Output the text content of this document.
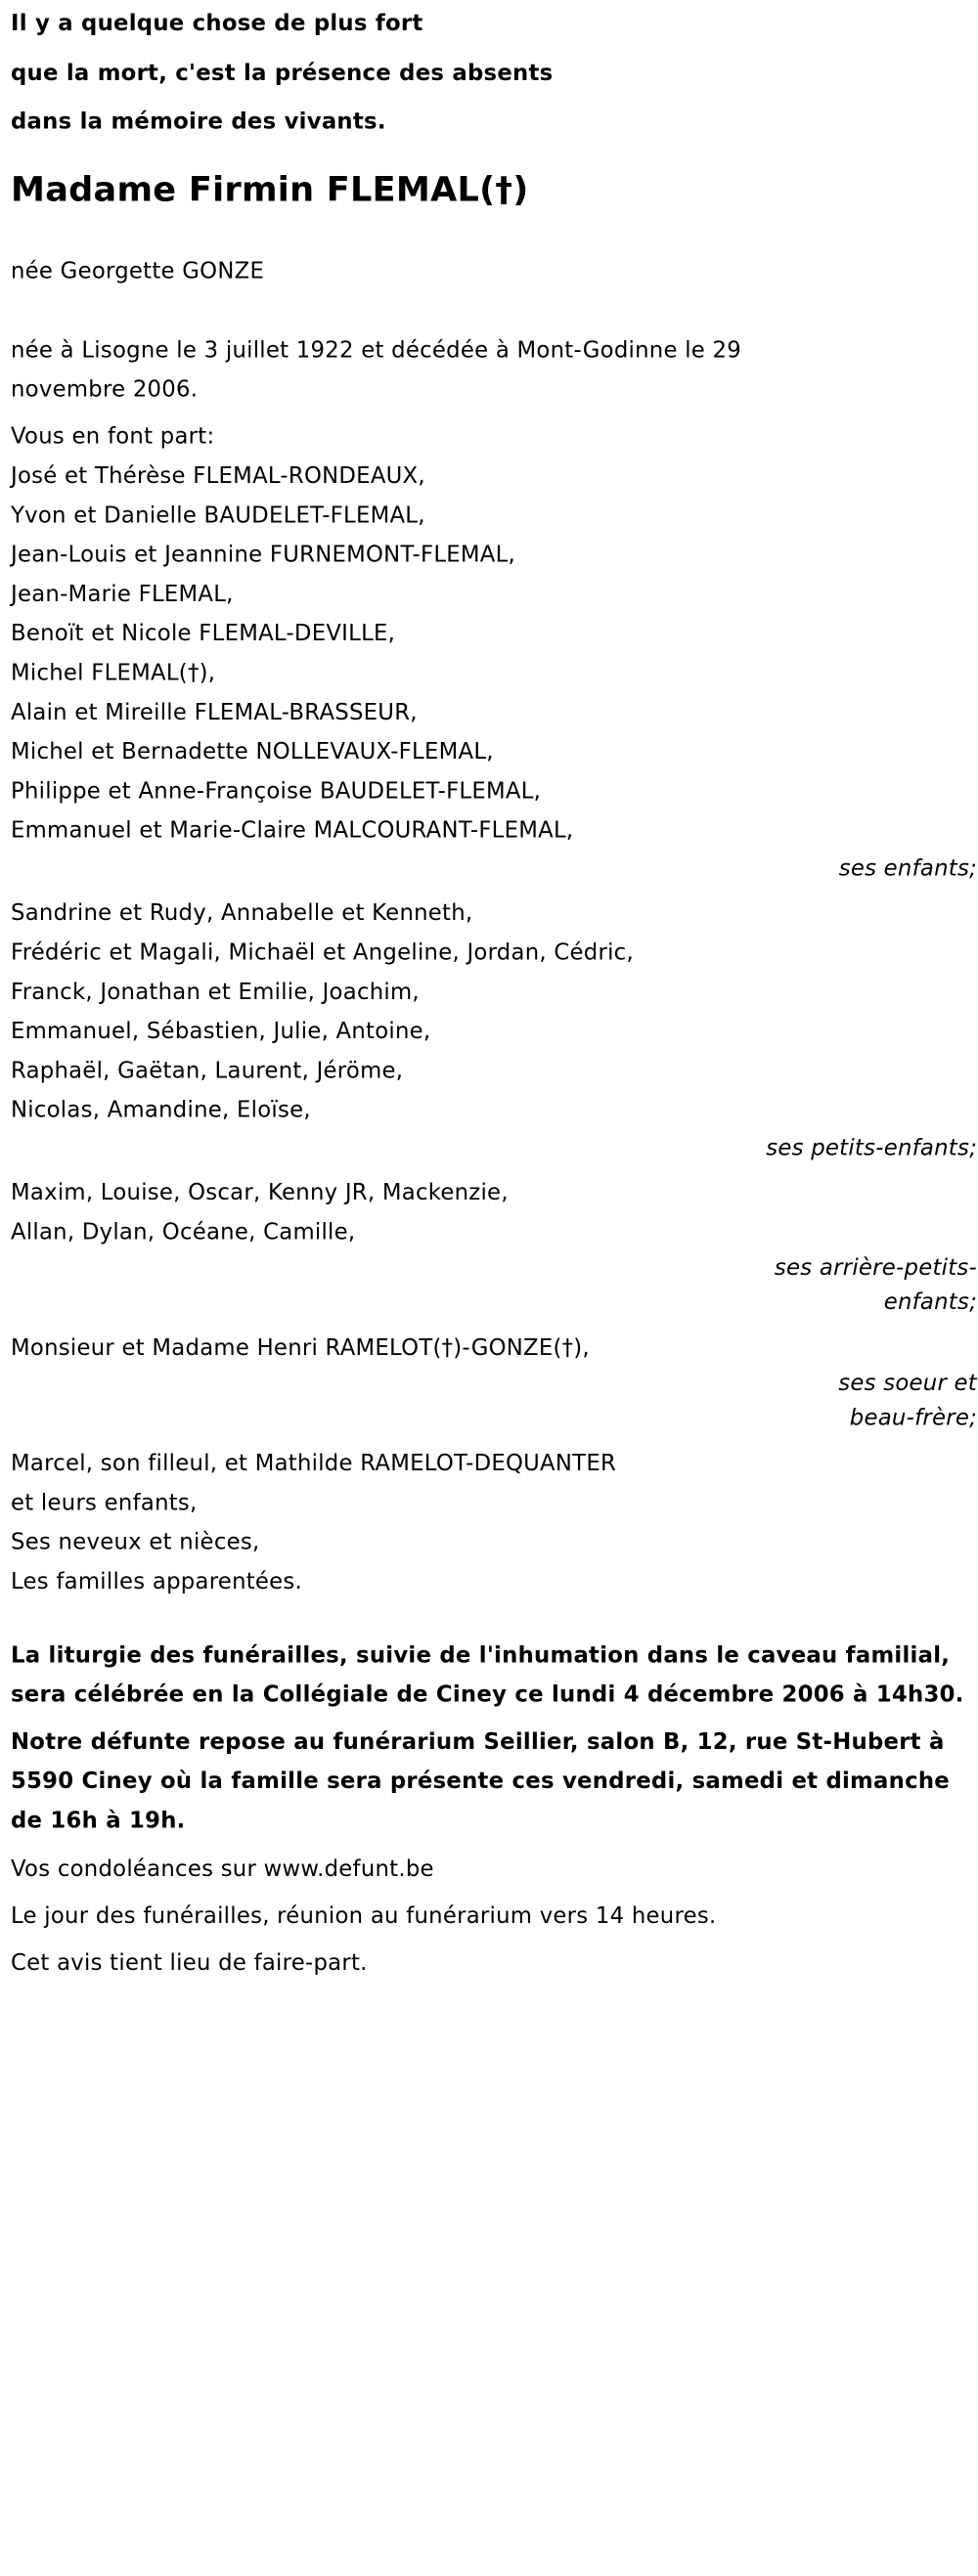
Il y a quelque chose de plus fort
que la mort, c'est la présence des absents
dans la mémoire des vivants.
Madame Firmin FLEMAL(†)
née Georgette GONZE
née à Lisogne le 3 juillet 1922 et décédée à Mont-Godinne le 29 novembre 2006.
Vous en font part:
José et Thérèse FLEMAL-RONDEAUX,
Yvon et Danielle BAUDELET-FLEMAL,
Jean-Louis et Jeannine FURNEMONT-FLEMAL,
Jean-Marie FLEMAL,
Benoït et Nicole FLEMAL-DEVILLE,
Michel FLEMAL(†),
Alain et Mireille FLEMAL-BRASSEUR,
Michel et Bernadette NOLLEVAUX-FLEMAL,
Philippe et Anne-Françoise BAUDELET-FLEMAL,
Emmanuel et Marie-Claire MALCOURANT-FLEMAL,
ses enfants;
Sandrine et Rudy, Annabelle et Kenneth,
Frédéric et Magali, Michaël et Angeline, Jordan, Cédric,
Franck, Jonathan et Emilie, Joachim,
Emmanuel, Sébastien, Julie, Antoine,
Raphaël, Gaëtan, Laurent, Jéröme,
Nicolas, Amandine, Eloïse,
ses petits-enfants;
Maxim, Louise, Oscar, Kenny JR, Mackenzie,
Allan, Dylan, Océane, Camille,
ses arrière-petits-
enfants;
Monsieur et Madame Henri RAMELOT(†)-GONZE(†),
ses soeur et
beau-frère;
Marcel, son filleul, et Mathilde RAMELOT-DEQUANTER
et leurs enfants,
Ses neveux et nièces,
Les familles apparentées.
La liturgie des funérailles, suivie de l'inhumation dans le caveau familial, sera célébrée en la Collégiale de Ciney ce lundi 4 décembre 2006 à 14h30.
Notre défunte repose au funérarium Seillier, salon B, 12, rue St-Hubert à 5590 Ciney où la famille sera présente ces vendredi, samedi et dimanche de 16h à 19h.
Vos condoléances sur www.defunt.be
Le jour des funérailles, réunion au funérarium vers 14 heures.
Cet avis tient lieu de faire-part.
